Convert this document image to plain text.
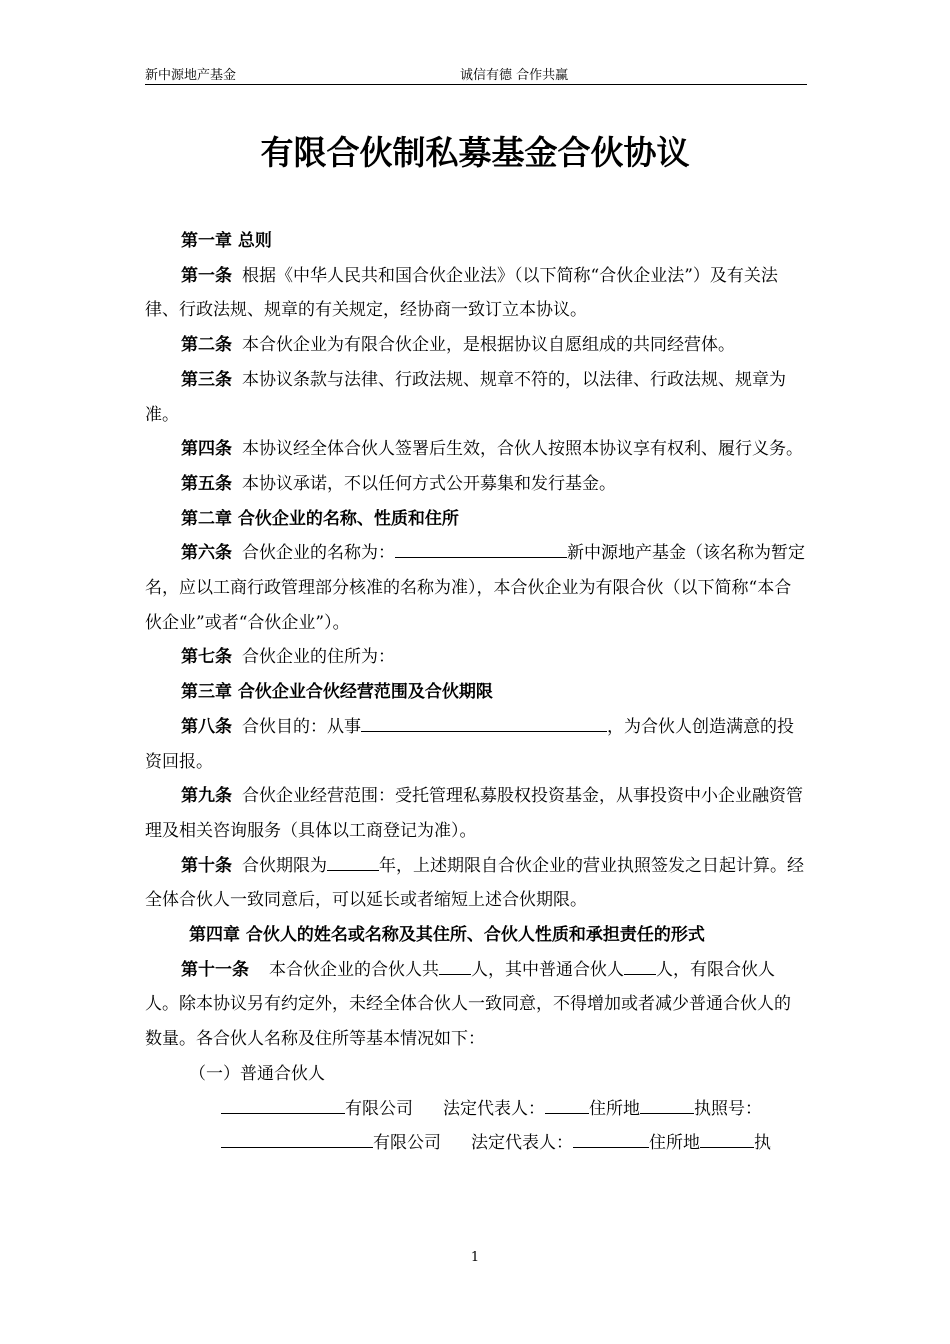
新中源地产基金	诚信有德 合作共赢
有限合伙制私募基金合伙协议

第一章 总则

第一条 根据《中华人民共和国合伙企业法》（以下简称“合伙企业法”）及有关法律、行政法规、规章的有关规定，经协商一致订立本协议。

第二条 本合伙企业为有限合伙企业，是根据协议自愿组成的共同经营体。

第三条 本协议条款与法律、行政法规、规章不符的，以法律、行政法规、规章为准。

第四条 本协议经全体合伙人签署后生效，合伙人按照本协议享有权利、履行义务。

第五条 本协议承诺，不以任何方式公开募集和发行基金。

第二章 合伙企业的名称、性质和住所

第六条 合伙企业的名称为：	新中源地产基金（该名称为暂定名，应以工商行政管理部分核准的名称为准），本合伙企业为有限合伙（以下简称“本合伙企业”或者“合伙企业”）。

第七条 合伙企业的住所为：

第三章 合伙企业合伙经营范围及合伙期限

第八条 合伙目的：从事	，为合伙人创造满意的投资回报。

第九条 合伙企业经营范围：受托管理私募股权投资基金，从事投资中小企业融资管理及相关咨询服务（具体以工商登记为准）。

第十条 合伙期限为	年，上述期限自合伙企业的营业执照签发之日起计算。经全体合伙人一致同意后，可以延长或者缩短上述合伙期限。

第四章 合伙人的姓名或名称及其住所、合伙人性质和承担责任的形式

第十一条 本合伙企业的合伙人共 人，其中普通合伙人 人，有限合伙人人。除本协议另有约定外，未经全体合伙人一致同意，不得增加或者减少普通合伙人的数量。各合伙人名称及住所等基本情况如下：

（一）普通合伙人

有限公司 法定代表人：	住所地	执照号：

有限公司 法定代表人：	住所地	执

1
